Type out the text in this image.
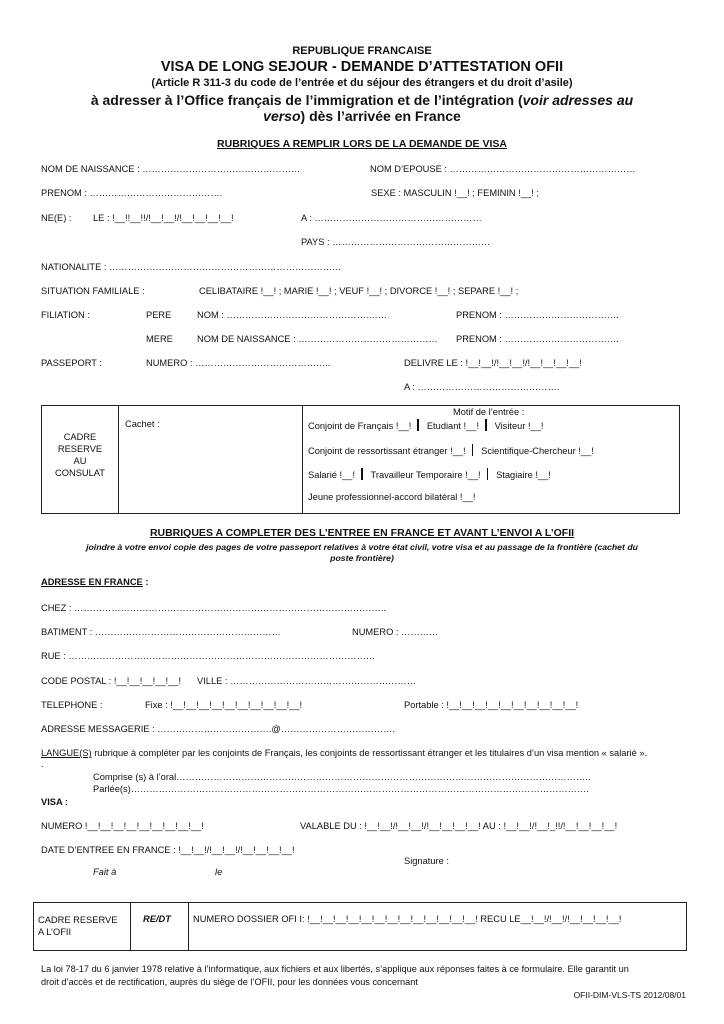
REPUBLIQUE FRANCAISE
VISA DE LONG SEJOUR - DEMANDE D’ATTESTATION OFII
(Article R 311-3 du code de l’entrée et du séjour des étrangers et du droit d’asile)
à adresser à l’Office français de l’immigration et de l’intégration (voir adresses au
verso) dès l’arrivée en France
RUBRIQUES A REMPLIR LORS DE LA DEMANDE DE VISA
NOM DE NAISSANCE : ……………………………………………	NOM D’EPOUSE : ……………………………………………………
PRENOM : …………………………………….	SEXE : MASCULIN !__! ; FEMININ !__! ;
NE(E) : LE : !__!!__!!/!__!__!/!__!__!__!__!	A : ………………………………………………
PAYS : ……………………………………………
NATIONALITE : …………………………………………………………………
SITUATION FAMILIALE :	CELIBATAIRE !__! ; MARIE !__! ; VEUF !__! ; DIVORCE !__! ; SEPARE !__! ;
FILIATION :	PERE	NOM : ……………………………………….……	PRENOM : ……………………………….
MERE	NOM DE NAISSANCE : ……………………………………… PRENOM : ……………………………….
PASSEPORT :	NUMERO : ……………………………………..	DELIVRE LE : !__!__!/!__!__!/!__!__!__!__!
A : ……………………………………….
CADRE
RESERVE
AU
CONSULAT
Cachet :
Motif de l’entrée :
Conjoint de Français !__! Etudiant !__! Visiteur !__!
Conjoint de ressortissant étranger !__! Scientifique-Chercheur !__!
Salarié !__! Travailleur Temporaire !__! Stagiaire !__!
Jeune professionnel-accord bilatéral !__!
RUBRIQUES A COMPLETER DES L’ENTREE EN FRANCE ET AVANT L’ENVOI A L’OFII
joindre à votre envoi copie des pages de votre passeport relatives à votre état civil, votre visa et au passage de la frontière (cachet du
poste frontière)
ADRESSE EN FRANCE :
CHEZ : ………………………………………………………………………………………..
BATIMENT : ……………………………………………………	NUMERO : …………
RUE : ………………………………………………………………………………………
CODE POSTAL : !__!__!__!__!__! VILLE : ……………………………………………………
TELEPHONE :	Fixe : !__!__!__!__!__!__!__!__!__!__!	Portable : !__!__!__!__!__!__!__!__!__!__!
ADRESSE MESSAGERIE : ……………………………….@……………………………….
LANGUE(S) rubrique à compléter par les conjoints de Français, les conjoints de ressortissant étranger et les titulaires d’un visa mention « salarié ».
.
Comprise (s) à l’oral……………………………………………………………………………………………………………………..
Parlée(s)………………………………………………………………………………………………………………………………….
VISA :
NUMERO !__!__!__!__!__!__!__!__!__!	VALABLE DU : !__!__!/!__!__!/!__!__!__!__! AU : !__!__!/!__!_!!/!__!__!__!__!
DATE D’ENTREE EN FRANCE : !__!__!/!__!__!/!__!__!__!__!
Signature :
Fait à	le
CADRE RESERVE
A L’OFII
RE/DT NUMERO DOSSIER OFI I: !__!__!__!__!__!__!__!__!__!__!__!__!__! RECU LE__!__!/!__!/!__!__!__!__!
La loi 78-17 du 6 janvier 1978 relative à l’informatique, aux fichiers et aux libertés, s’applique aux réponses faites à ce formulaire. Elle garantit un
droit d’accès et de rectification, auprès du siège de l’OFII, pour les données vous concernant
OFII-DIM-VLS-TS 2012/08/01
